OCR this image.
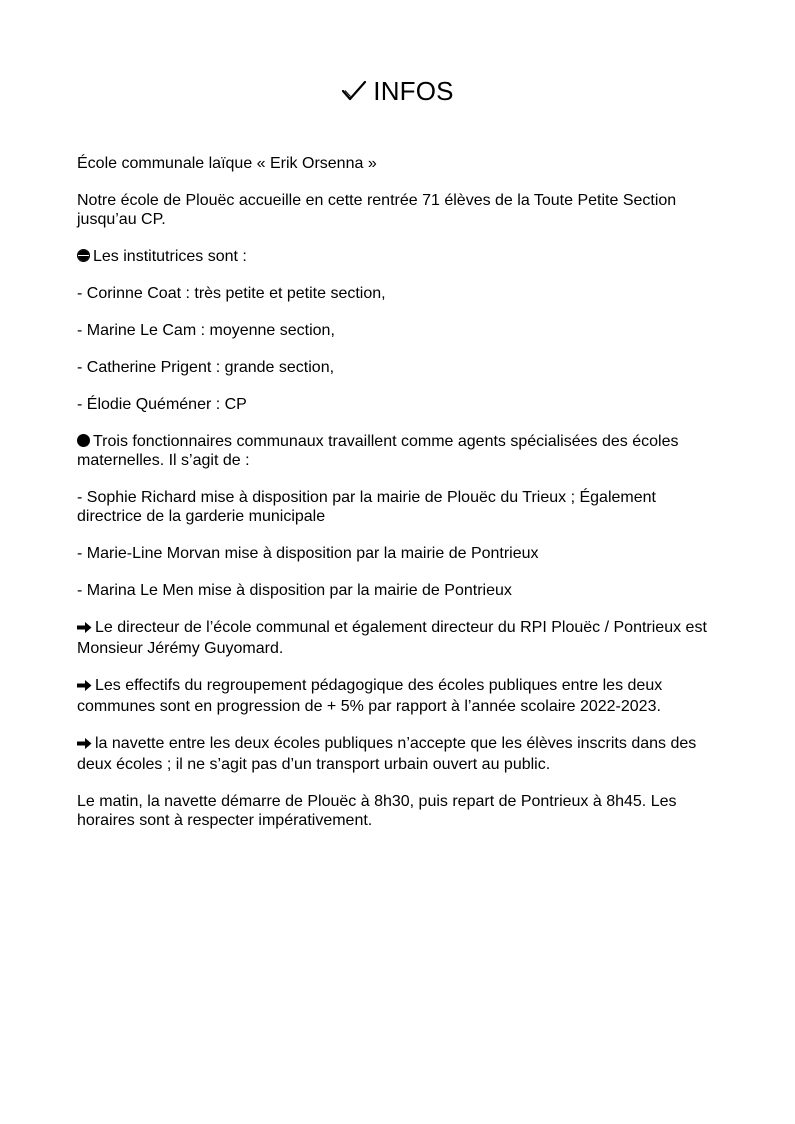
INFOS

École communale laïque « Erik Orsenna »

Notre école de Plouëc accueille en cette rentrée 71 élèves de la Toute Petite Section jusqu’au CP.

Les institutrices sont :

- Corinne Coat : très petite et petite section,

- Marine Le Cam : moyenne section,

- Catherine Prigent : grande section,

- Élodie Quéméner : CP

Trois fonctionnaires communaux travaillent comme agents spécialisées des écoles maternelles. Il s’agit de :

- Sophie Richard mise à disposition par la mairie de Plouëc du Trieux ; Également directrice de la garderie municipale

- Marie-Line Morvan mise à disposition par la mairie de Pontrieux

- Marina Le Men mise à disposition par la mairie de Pontrieux

Le directeur de l’école communal et également directeur du RPI Plouëc / Pontrieux est Monsieur Jérémy Guyomard.

Les effectifs du regroupement pédagogique des écoles publiques entre les deux communes sont en progression de + 5% par rapport à l’année scolaire 2022-2023.

la navette entre les deux écoles publiques n’accepte que les élèves inscrits dans des deux écoles ; il ne s’agit pas d’un transport urbain ouvert au public.

Le matin, la navette démarre de Plouëc à 8h30, puis repart de Pontrieux à 8h45. Les horaires sont à respecter impérativement.
